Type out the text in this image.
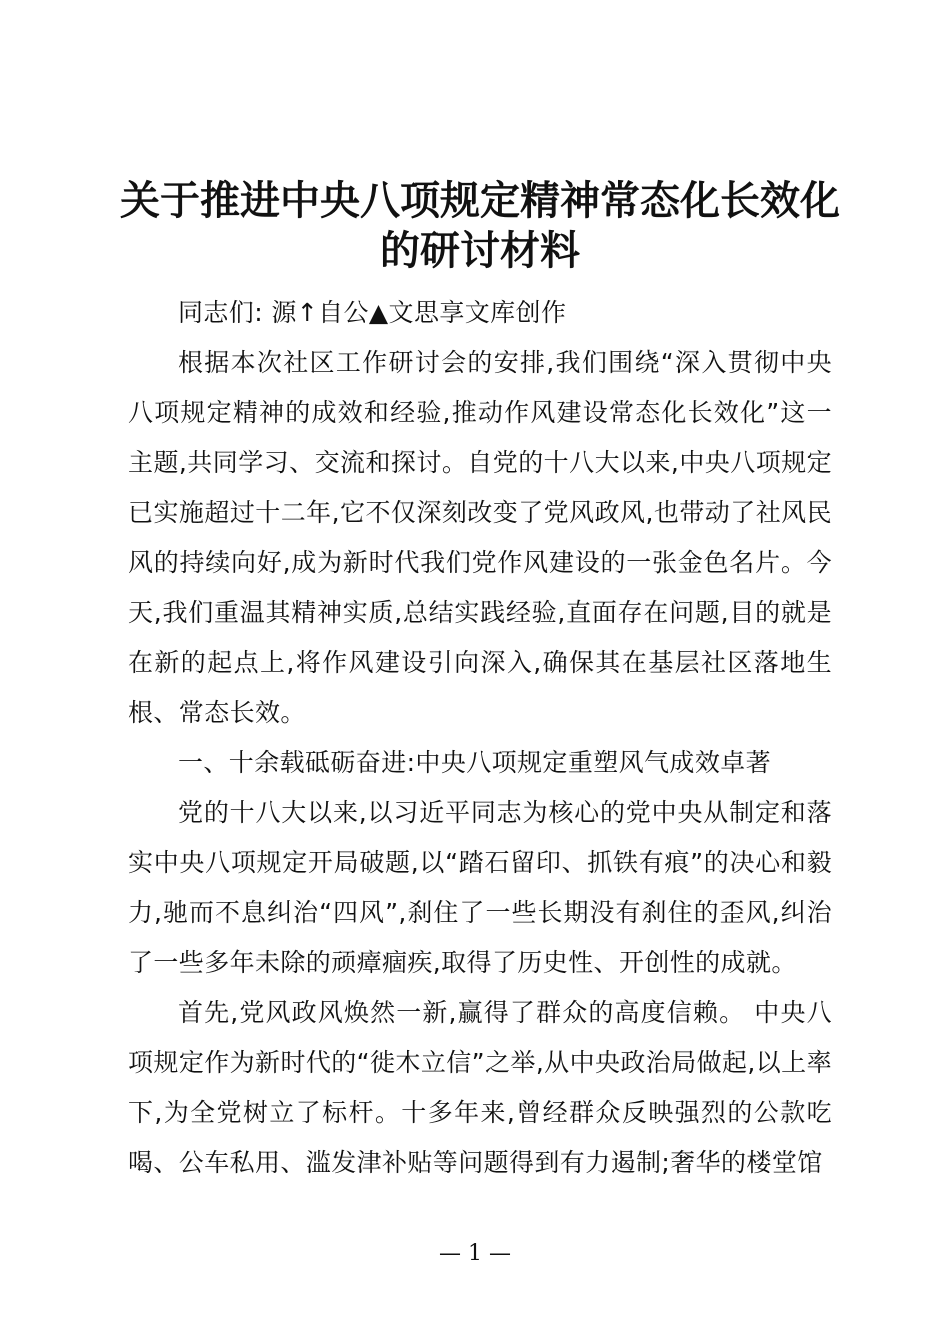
关于推进中央八项规定精神常态化长效化的研讨材料

同志们: 源↑自公▲文思享文库创作

根据本次社区工作研讨会的安排,我们围绕“深入贯彻中央八项规定精神的成效和经验,推动作风建设常态化长效化”这一主题,共同学习、交流和探讨。自党的十八大以来,中央八项规定已实施超过十二年,它不仅深刻改变了党风政风,也带动了社风民风的持续向好,成为新时代我们党作风建设的一张金色名片。今天,我们重温其精神实质,总结实践经验,直面存在问题,目的就是在新的起点上,将作风建设引向深入,确保其在基层社区落地生根、常态长效。

一、十余载砥砺奋进:中央八项规定重塑风气成效卓著

党的十八大以来,以习近平同志为核心的党中央从制定和落实中央八项规定开局破题,以“踏石留印、抓铁有痕”的决心和毅力,驰而不息纠治“四风”,刹住了一些长期没有刹住的歪风,纠治了一些多年未除的顽瘴痼疾,取得了历史性、开创性的成就。

首先,党风政风焕然一新,赢得了群众的高度信赖。 中央八项规定作为新时代的“徙木立信”之举,从中央政治局做起,以上率下,为全党树立了标杆。十多年来,曾经群众反映强烈的公款吃喝、公车私用、滥发津补贴等问题得到有力遏制;奢华的楼堂馆

— 1 —
